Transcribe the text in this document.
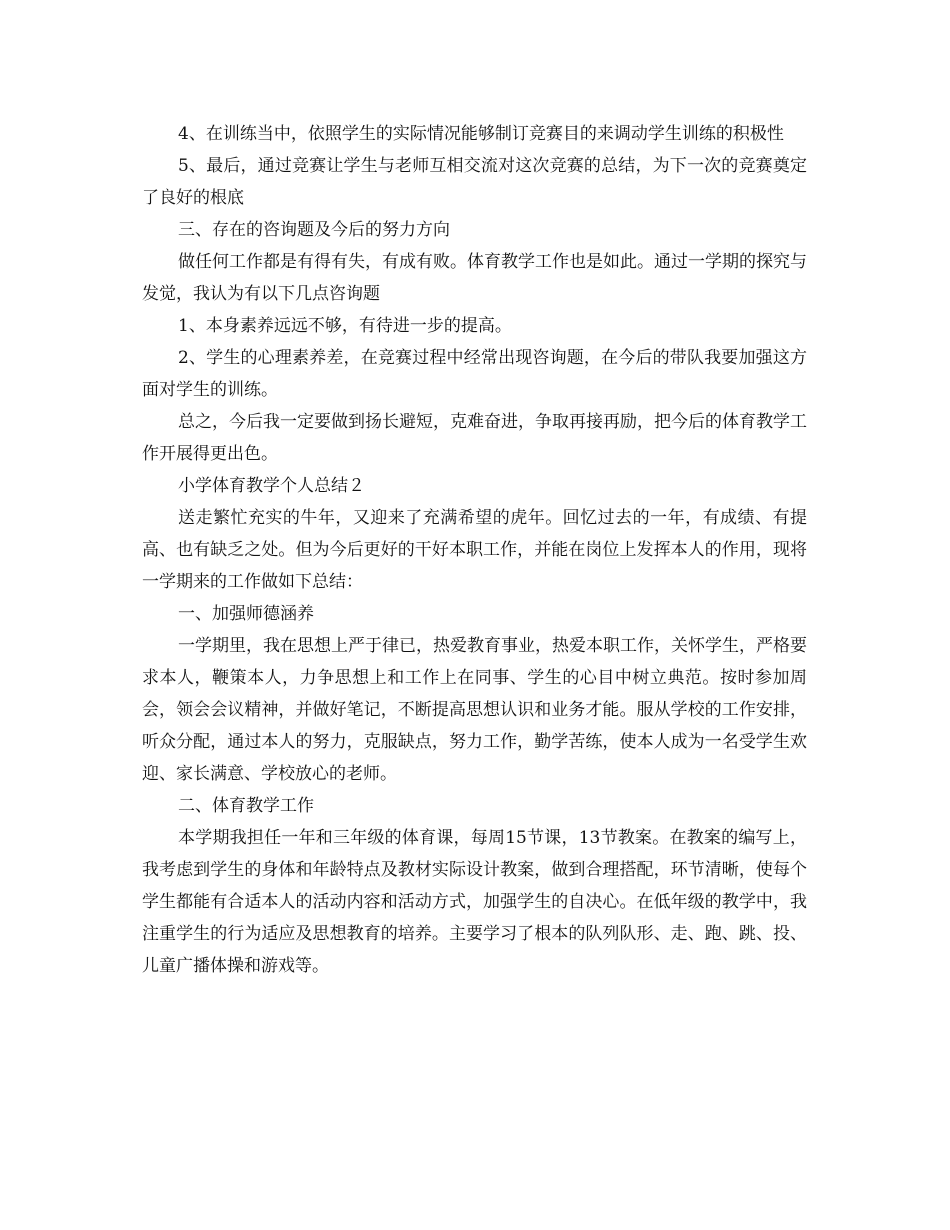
4、在训练当中，依照学生的实际情况能够制订竞赛目的来调动学生训练的积极性

5、最后，通过竞赛让学生与老师互相交流对这次竞赛的总结，为下一次的竞赛奠定了良好的根底

三、存在的咨询题及今后的努力方向

做任何工作都是有得有失，有成有败。体育教学工作也是如此。通过一学期的探究与发觉，我认为有以下几点咨询题

1、本身素养远远不够，有待进一步的提高。

2、学生的心理素养差，在竞赛过程中经常出现咨询题，在今后的带队我要加强这方面对学生的训练。

总之，今后我一定要做到扬长避短，克难奋进，争取再接再励，把今后的体育教学工作开展得更出色。

小学体育教学个人总结２

送走繁忙充实的牛年，又迎来了充满希望的虎年。回忆过去的一年，有成绩、有提高、也有缺乏之处。但为今后更好的干好本职工作，并能在岗位上发挥本人的作用，现将一学期来的工作做如下总结：

一、加强师德涵养

一学期里，我在思想上严于律已，热爱教育事业，热爱本职工作，关怀学生，严格要求本人，鞭策本人，力争思想上和工作上在同事、学生的心目中树立典范。按时参加周会，领会会议精神，并做好笔记，不断提高思想认识和业务才能。服从学校的工作安排，听众分配，通过本人的努力，克服缺点，努力工作，勤学苦练，使本人成为一名受学生欢迎、家长满意、学校放心的老师。

二、体育教学工作

本学期我担任一年和三年级的体育课，每周15节课，13节教案。在教案的编写上，我考虑到学生的身体和年龄特点及教材实际设计教案，做到合理搭配，环节清晰，使每个学生都能有合适本人的活动内容和活动方式，加强学生的自决心。在低年级的教学中，我注重学生的行为适应及思想教育的培养。主要学习了根本的队列队形、走、跑、跳、投、儿童广播体操和游戏等。
